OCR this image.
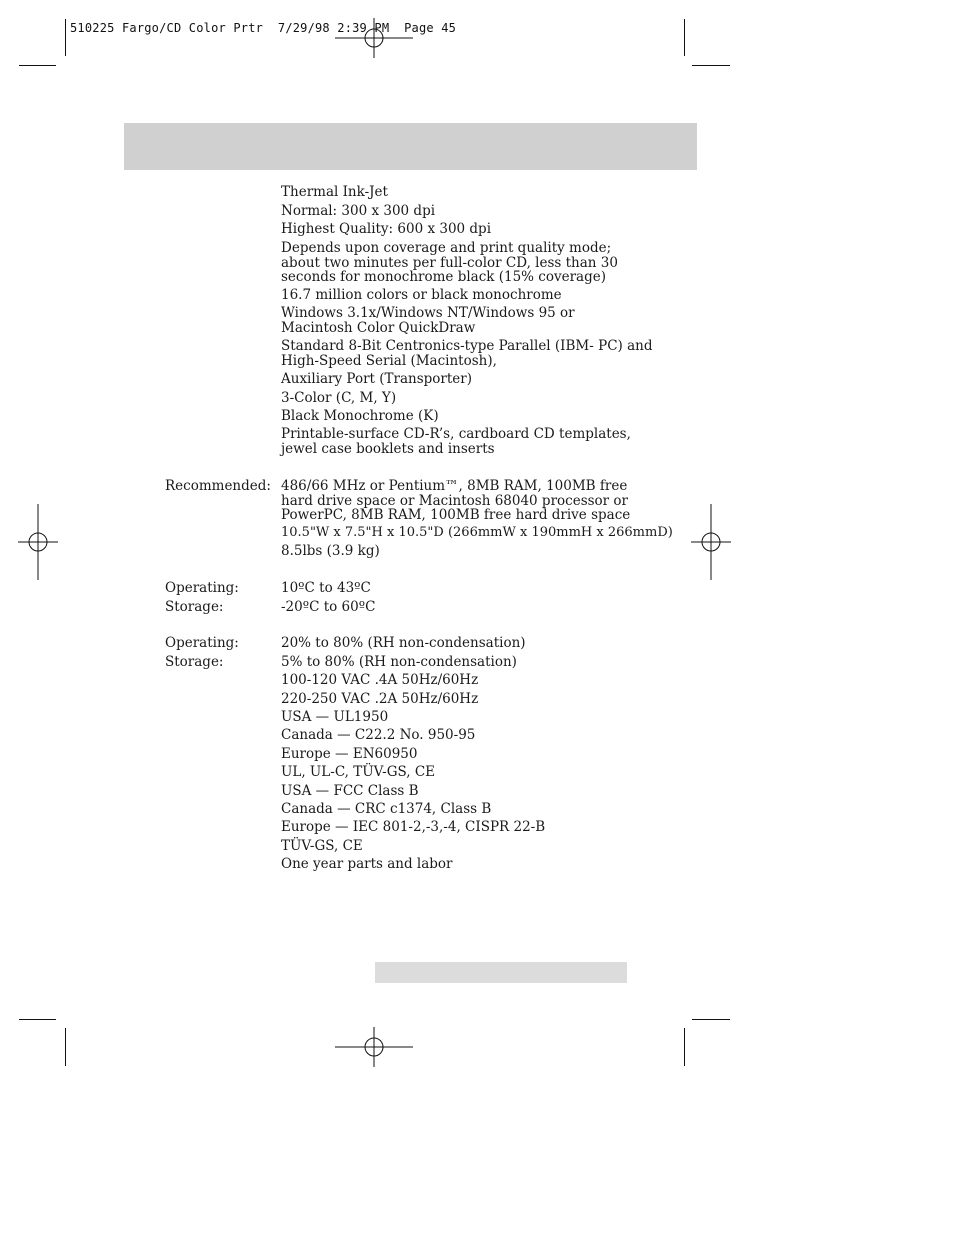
510225 Fargo/CD Color Prtr  7/29/98 2:39 PM  Page 45
Thermal Ink-Jet
Normal: 300 x 300 dpi
Highest Quality: 600 x 300 dpi
Depends upon coverage and print quality mode;
about two minutes per full-color CD, less than 30
seconds for monochrome black (15% coverage)
16.7 million colors or black monochrome
Windows 3.1x/Windows NT/Windows 95 or
Macintosh Color QuickDraw
Standard 8-Bit Centronics-type Parallel (IBM- PC) and
High-Speed Serial (Macintosh),
Auxiliary Port (Transporter)
3-Color (C, M, Y)
Black Monochrome (K)
Printable-surface CD-R’s, cardboard CD templates,
jewel case booklets and inserts
Recommended: 486/66 MHz or Pentium™, 8MB RAM, 100MB free
hard drive space or Macintosh 68040 processor or
PowerPC, 8MB RAM, 100MB free hard drive space
10.5"W x 7.5"H x 10.5"D (266mmW x 190mmH x 266mmD)
8.5lbs (3.9 kg)
Operating:	10ºC to 43ºC
Storage:	-20ºC to 60ºC
Operating:	20% to 80% (RH non-condensation)
Storage:	5% to 80% (RH non-condensation)
100-120 VAC .4A 50Hz/60Hz
220-250 VAC .2A 50Hz/60Hz
USA — UL1950
Canada — C22.2 No. 950-95
Europe — EN60950
UL, UL-C, TÜV-GS, CE
USA — FCC Class B
Canada — CRC c1374, Class B
Europe — IEC 801-2,-3,-4, CISPR 22-B
TÜV-GS, CE
One year parts and labor
